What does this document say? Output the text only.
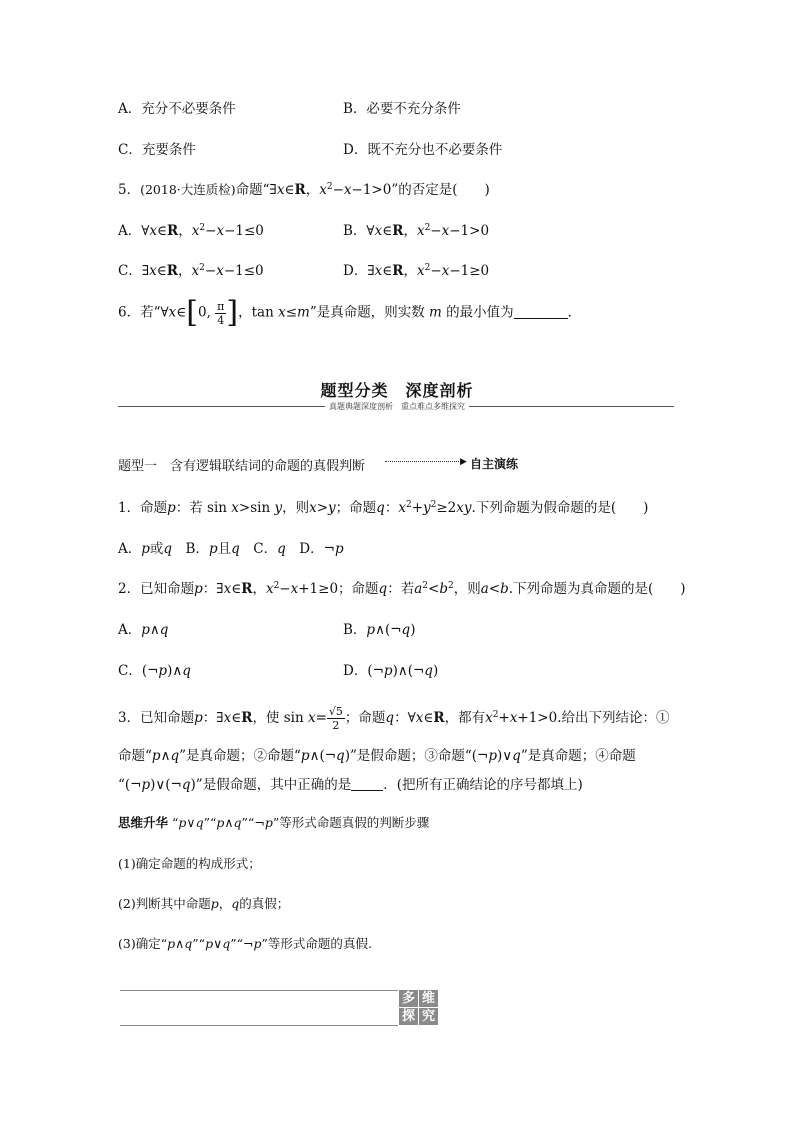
A．充分不必要条件	B．必要不充分条件
C．充要条件	D．既不充分也不必要条件
5．(2018·大连质检)命题“∃x∈R，$x^2-x-1>0$”的否定是(　　)
A．∀x∈R，$x^2-x-1\le 0$	B．∀x∈R，$x^2-x-1>0$
C．∃x∈R，$x^2-x-1\le 0$	D．∃x∈R，$x^2-x-1\ge 0$
6．若“∀x∈[0, $\frac{\pi}{4}$ ]，tan x≤m”是真命题，则实数 m 的最小值为	．
题型分类　深度剖析
真题典题深度剖析　重点难点多维探究
题型一　含有逻辑联结词的命题的真假判断	▶ 自主演练
1．命题p：若 sin x>sin y，则x>y；命题q：$x^2+y^2\ge 2xy$.下列命题为假命题的是(　　)
A．p或q　B．p且q　C．q　D．¬p
2．已知命题p：∃x∈R，$x^2-x+1\ge 0$；命题q：若$a^2<b^2$，则a<b.下列命题为真命题的是(　　)
A．p∧q	B．p∧(¬q)
C．(¬p)∧q	D．(¬p)∧(¬q)
3．已知命题p：∃x∈R，使 $\sin x= \frac{√5}{2}$ ；命题q：∀x∈R，都有$x^2+x+1>0$.给出下列结论：①
命题“p∧q”是真命题；②命题“p∧(¬q)”是假命题；③命题“(¬p)∨q”是真命题；④命题
“(¬p)∨(¬q)”是假命题，其中正确的是 ．(把所有正确结论的序号都填上)
思维升华 “p∨q”“p∧q”“¬p”等形式命题真假的判断步骤
(1)确定命题的构成形式；
(2)判断其中命题p，q的真假；
(3)确定“p∧q”“p∨q”“¬p”等形式命题的真假.
多 维
探 究
